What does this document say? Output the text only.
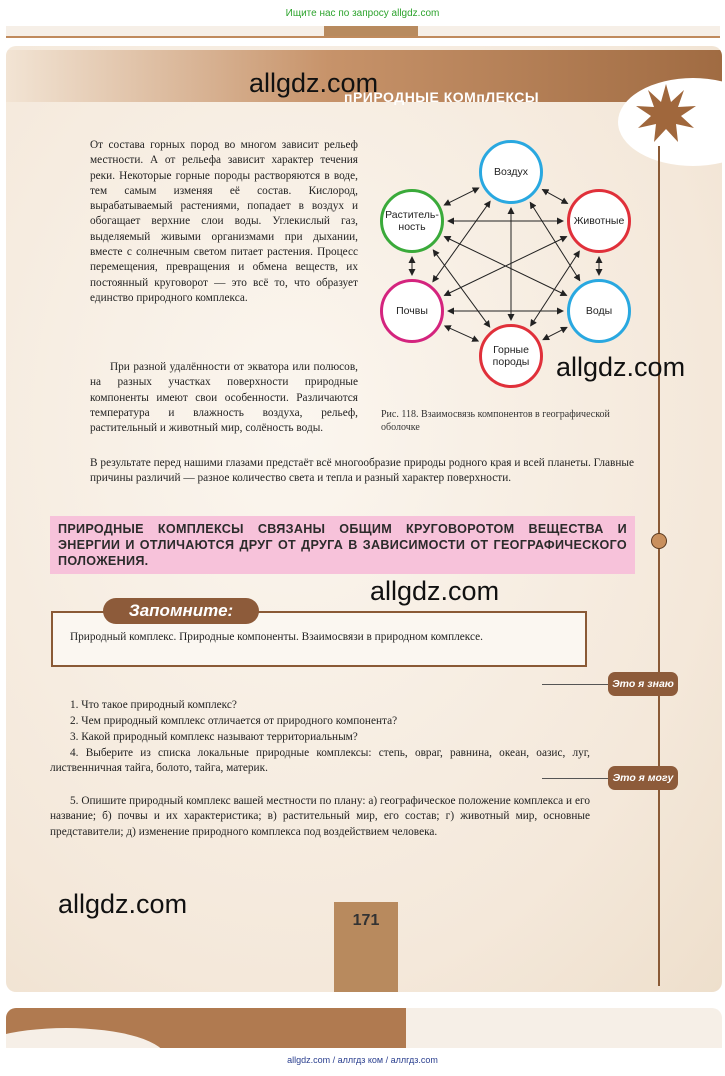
Ищите нас по запросу allgdz.com
пРИРОДНЫЕ КОМпЛЕКСЫ

От состава горных пород во многом зависит рельеф местности. А от рельефа зависит характер течения реки. Некоторые горные породы растворяются в воде, тем самым изменяя её состав. Кислород, вырабатываемый растениями, попадает в воздух и обогащает верхние слои воды. Углекислый газ, выделяемый живыми организмами при дыхании, вместе с солнечным светом питает растения. Процесс перемещения, превращения и обмена веществ, их постоянный круговорот — это всё то, что образует единство природного комплекса.

При разной удалённости от экватора или полюсов, на разных участках поверхности природные компоненты имеют свои особенности. Различаются температура и влажность воздуха, рельеф, растительный и животный мир, солёность воды.

В результате перед нашими глазами предстаёт всё многообразие природы родного края и всей планеты. Главные причины различий — разное количество света и тепла и разный характер поверхности.

Воздух
Животные
Воды
Горные породы
Почвы
Растительность
Рис. 118. Взаимосвязь компонентов в географической оболочке
ПРИРОДНЫЕ КОМПЛЕКСЫ СВЯЗАНЫ ОБЩИМ КРУГОВОРОТОМ ВЕЩЕСТВА И ЭНЕРГИИ И ОТЛИЧАЮТСЯ ДРУГ ОТ ДРУГА В ЗАВИСИМОСТИ ОТ ГЕОГРАФИЧЕСКОГО ПОЛОЖЕНИЯ.
Запомните:

Природный комплекс. Природные компоненты. Взаимосвязи в природном комплексе.

Это я знаю
Это я могу

1. Что такое природный комплекс?

2. Чем природный комплекс отличается от природного компонента?

3. Какой природный комплекс называют территориальным?

4. Выберите из списка локальные природные комплексы: степь, овраг, равнина, океан, оазис, луг, лиственничная тайга, болото, тайга, материк.

5. Опишите природный комплекс вашей местности по плану: а) географическое положение комплекса и его название; б) почвы и их характеристика; в) растительный мир, его состав; г) животный мир, основные представители; д) изменение природного комплекса под воздействием человека.

171
allgdz.com
allgdz.com
allgdz.com
allgdz.com
allgdz.com / аллгдз ком / аллгдз.com
